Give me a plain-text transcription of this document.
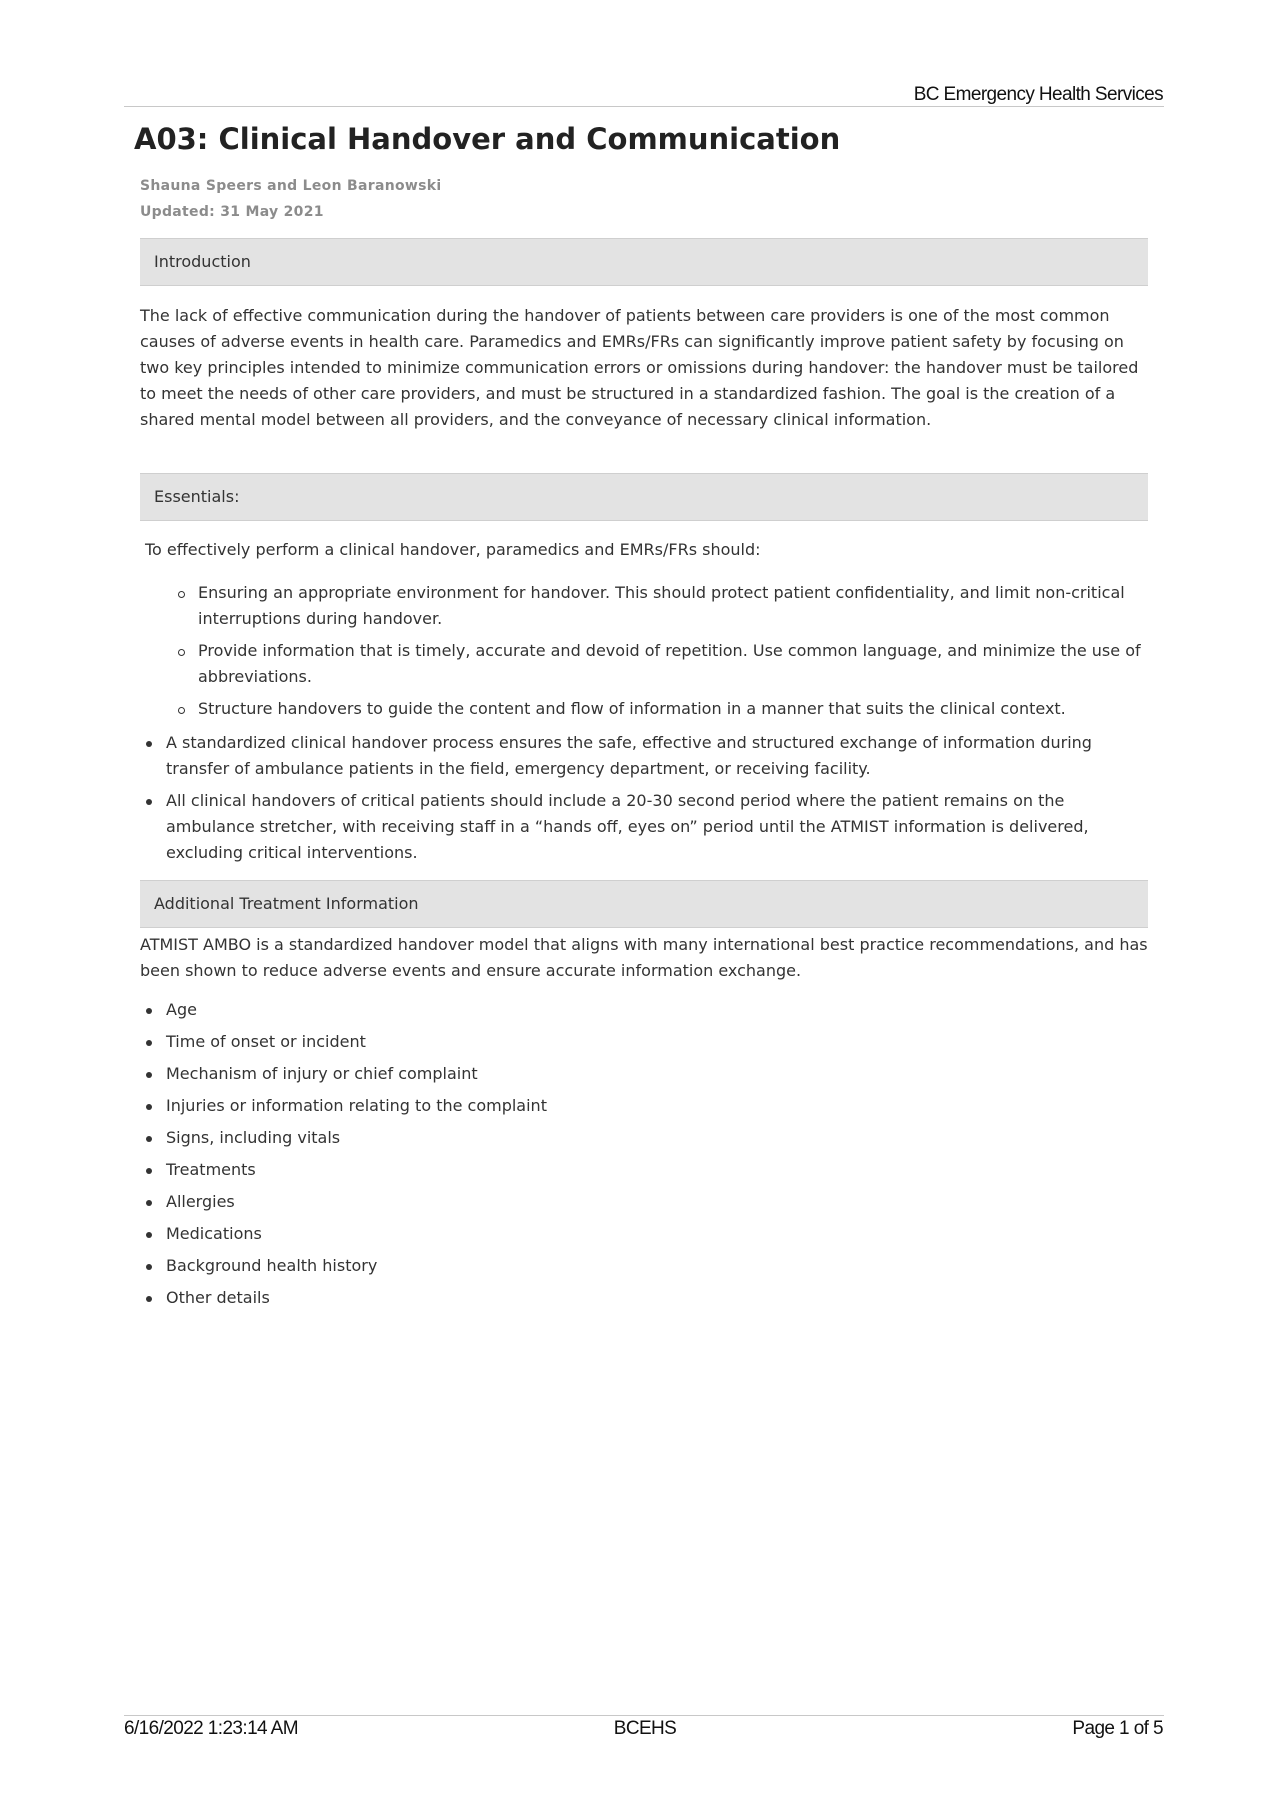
BC Emergency Health Services
A03: Clinical Handover and Communication
Shauna Speers and Leon Baranowski
Updated: 31 May 2021
Introduction

The lack of effective communication during the handover of patients between care providers is one of the most common causes of adverse events in health care. Paramedics and EMRs/FRs can significantly improve patient safety by focusing on two key principles intended to minimize communication errors or omissions during handover: the handover must be tailored to meet the needs of other care providers, and must be structured in a standardized fashion. The goal is the creation of a shared mental model between all providers, and the conveyance of necessary clinical information.

Essentials:

To effectively perform a clinical handover, paramedics and EMRs/FRs should:

Ensuring an appropriate environment for handover. This should protect patient confidentiality, and limit non-critical interruptions during handover.
Provide information that is timely, accurate and devoid of repetition. Use common language, and minimize the use of abbreviations.
Structure handovers to guide the content and flow of information in a manner that suits the clinical context.
A standardized clinical handover process ensures the safe, effective and structured exchange of information during transfer of ambulance patients in the field, emergency department, or receiving facility.
All clinical handovers of critical patients should include a 20-30 second period where the patient remains on the ambulance stretcher, with receiving staff in a “hands off, eyes on” period until the ATMIST information is delivered, excluding critical interventions.
Additional Treatment Information

ATMIST AMBO is a standardized handover model that aligns with many international best practice recommendations, and has been shown to reduce adverse events and ensure accurate information exchange.

Age
Time of onset or incident
Mechanism of injury or chief complaint
Injuries or information relating to the complaint
Signs, including vitals
Treatments
Allergies
Medications
Background health history
Other details
6/16/2022 1:23:14 AM	BCEHS	Page 1 of 5
